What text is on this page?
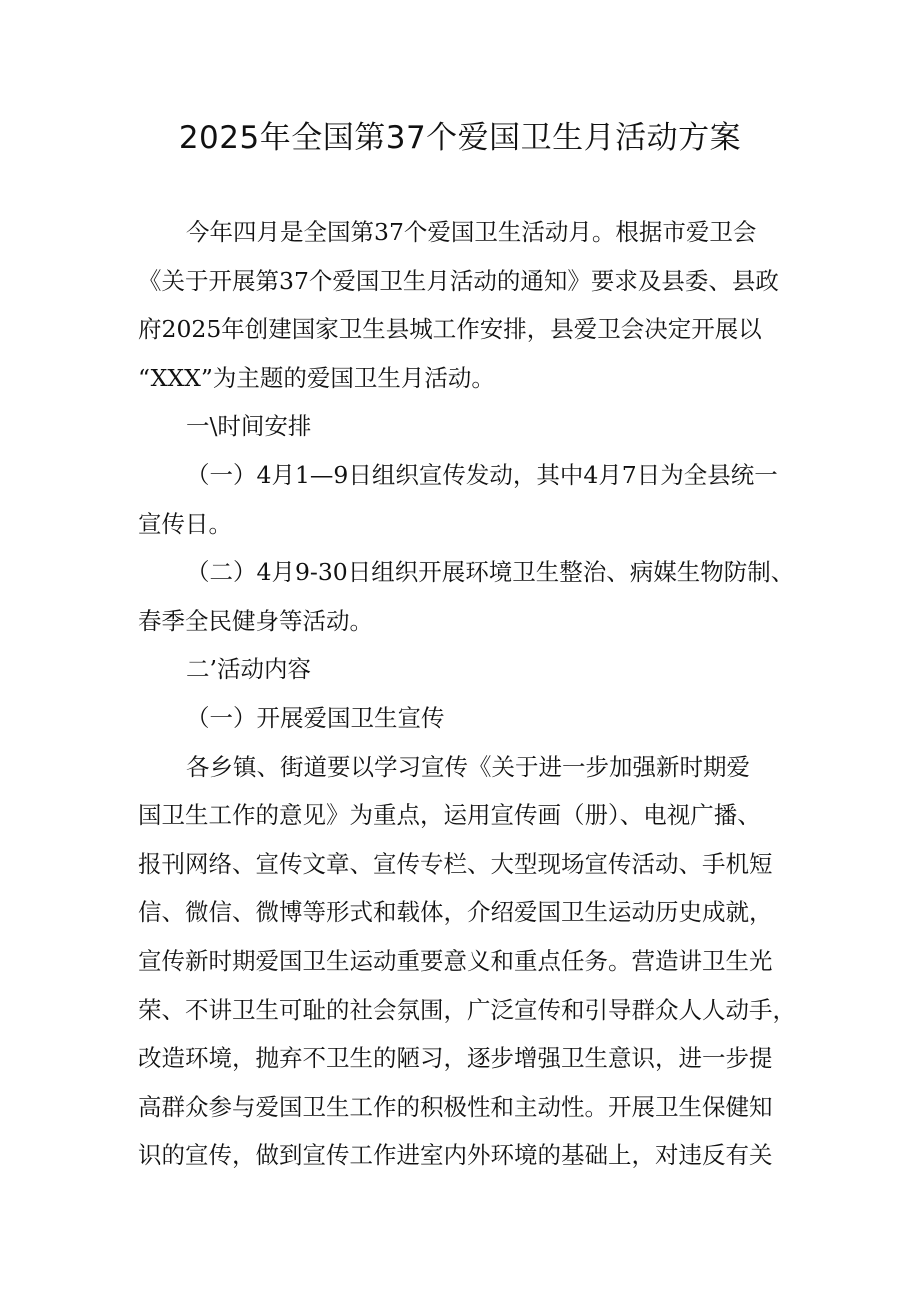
2025年全国第37个爱国卫生月活动方案

今年四月是全国第37个爱国卫生活动月。根据市爱卫会
《关于开展第37个爱国卫生月活动的通知》要求及县委、县政
府2025年创建国家卫生县城工作安排，县爱卫会决定开展以
“XXX”为主题的爱国卫生月活动。

一\时间安排

（一）4月1—9日组织宣传发动，其中4月7日为全县统一
宣传日。

（二）4月9-30日组织开展环境卫生整治、病媒生物防制、
春季全民健身等活动。

二’活动内容

（一）开展爱国卫生宣传

各乡镇、街道要以学习宣传《关于进一步加强新时期爱
国卫生工作的意见》为重点，运用宣传画（册）、电视广播、
报刊网络、宣传文章、宣传专栏、大型现场宣传活动、手机短
信、微信、微博等形式和载体，介绍爱国卫生运动历史成就，
宣传新时期爱国卫生运动重要意义和重点任务。营造讲卫生光
荣、不讲卫生可耻的社会氛围，广泛宣传和引导群众人人动手，
改造环境，抛弃不卫生的陋习，逐步增强卫生意识，进一步提
高群众参与爱国卫生工作的积极性和主动性。开展卫生保健知
识的宣传，做到宣传工作进室内外环境的基础上，对违反有关
